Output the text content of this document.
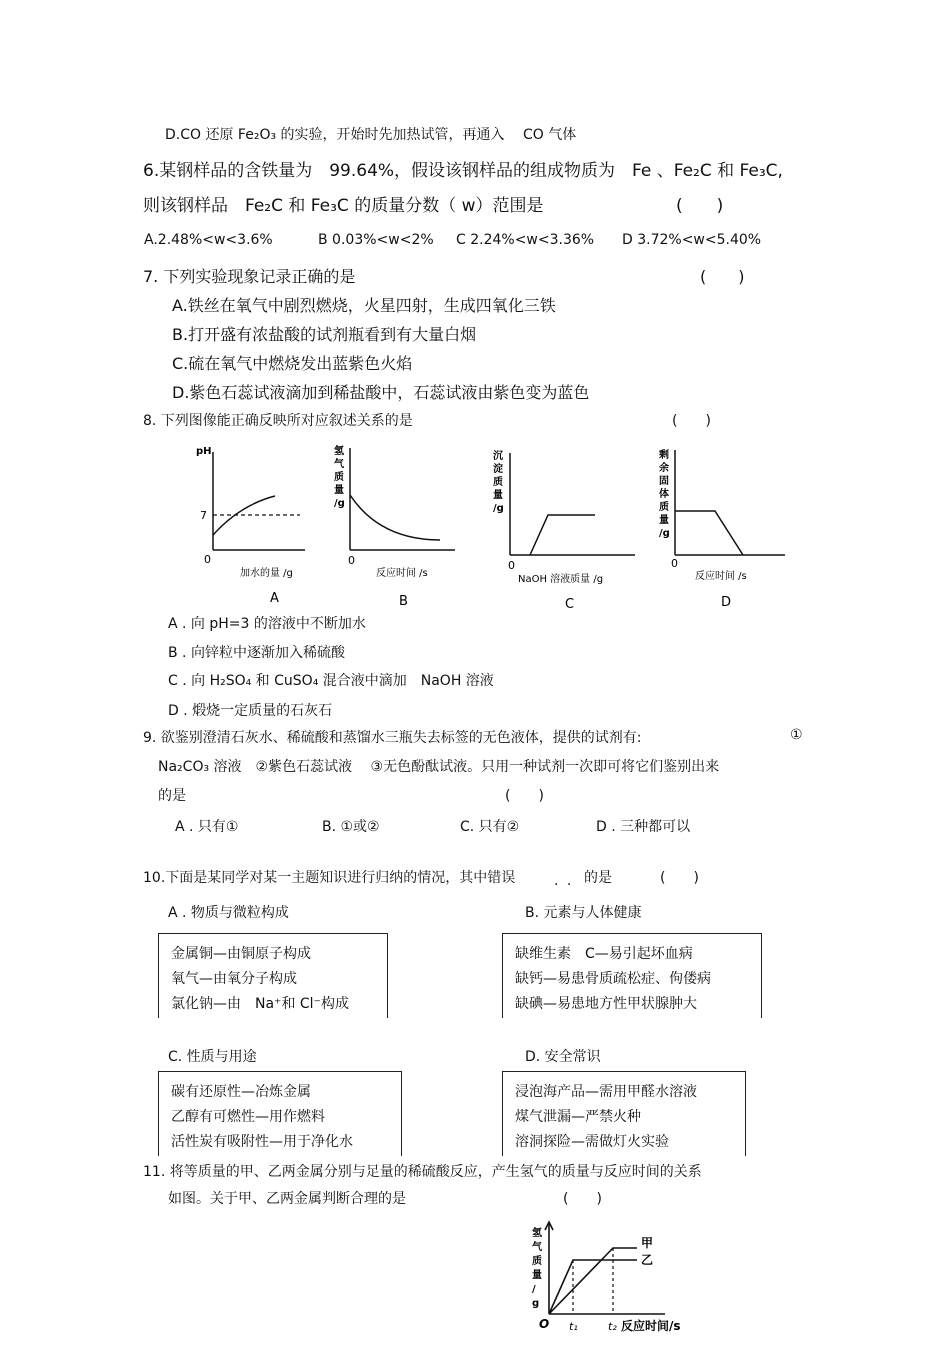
D.CO 还原 Fe₂O₃ 的实验，开始时先加热试管，再通入　 CO 气体
6.某钢样品的含铁量为　99.64%，假设该钢样品的组成物质为　Fe 、Fe₂C 和 Fe₃C,
则该钢样品　Fe₂C 和 Fe₃C 的质量分数（ w）范围是	(　　)
A.2.48%<w<3.6%	B 0.03%<w<2% C 2.24%<w<3.36% D 3.72%<w<5.40%
7. 下列实验现象记录正确的是	(　　)
A.铁丝在氧气中剧烈燃烧，火星四射，生成四氧化三铁
B.打开盛有浓盐酸的试剂瓶看到有大量白烟
C.硫在氧气中燃烧发出蓝紫色火焰
D.紫色石蕊试液滴加到稀盐酸中，石蕊试液由紫色变为蓝色
8. 下列图像能正确反映所对应叙述关系的是	(　　)
pH
7
0
加水的量 /g
A
氢气质量/g
0
反应时间 /s
B
沉淀质量/g
0
NaOH 溶液质量 /g
C
剩余固体质量/g
0
反应时间 /s
D
A . 向 pH=3 的溶液中不断加水
B . 向锌粒中逐渐加入稀硫酸
C . 向 H₂SO₄ 和 CuSO₄ 混合液中滴加　NaOH 溶液
D . 煅烧一定质量的石灰石
9. 欲鉴别澄清石灰水、稀硫酸和蒸馏水三瓶失去标签的无色液体，提供的试剂有:	①
Na₂CO₃ 溶液　②紫色石蕊试液　 ③无色酚酞试液。只用一种试剂一次即可将它们鉴别出来
的是	(　　)
A . 只有①	B. ①或②	C. 只有②	D . 三种都可以
10.下面是某同学对某一主题知识进行归纳的情况，其中错误	. . 的是	(　　)
A . 物质与微粒构成
金属铜—由铜原子构成
氧气—由氧分子构成
氯化钠—由　Na⁺和 Cl⁻构成
B. 元素与人体健康
缺维生素　C—易引起坏血病
缺钙—易患骨质疏松症、佝偻病
缺碘—易患地方性甲状腺肿大
C. 性质与用途
碳有还原性—冶炼金属
乙醇有可燃性—用作燃料
活性炭有吸附性—用于净化水
D. 安全常识
浸泡海产品—需用甲醛水溶液
煤气泄漏—严禁火种
溶洞探险—需做灯火实验
11. 将等质量的甲、乙两金属分别与足量的稀硫酸反应，产生氢气的质量与反应时间的关系
如图。关于甲、乙两金属判断合理的是	(　　)
氢气质量/ g
O t₁	t₂ 反应时间/s
甲
乙
